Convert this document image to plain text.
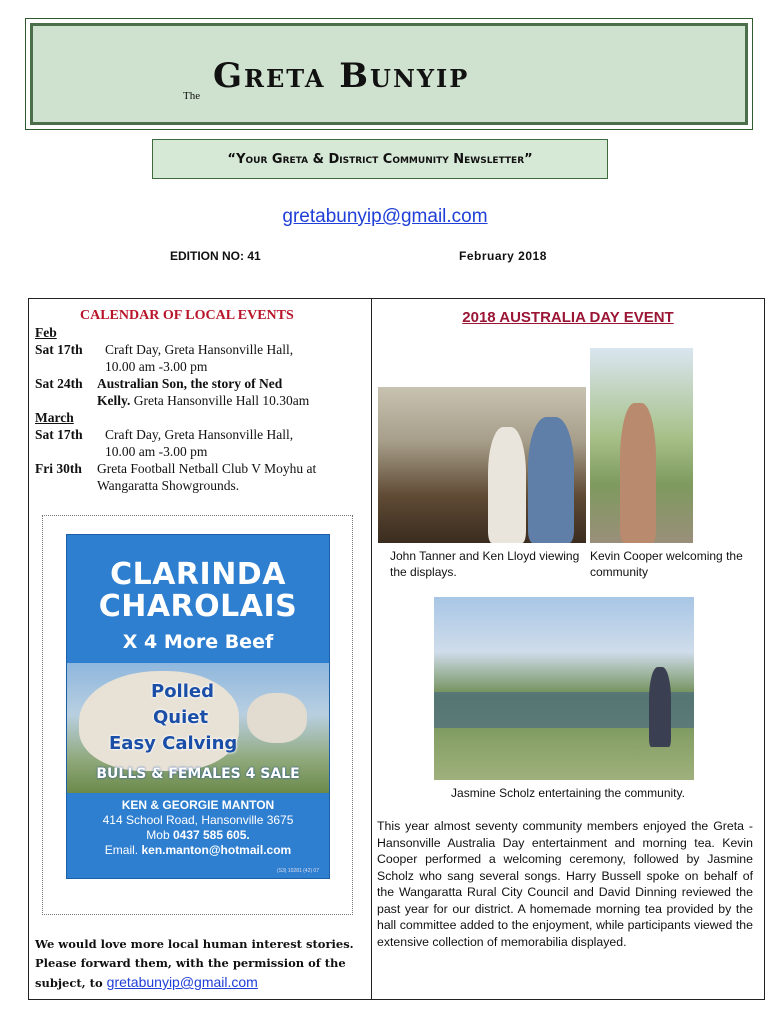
The Greta Bunyip
“Your Greta & District Community Newsletter”
gretabunyip@gmail.com
EDITION NO: 41	February 2018
CALENDAR OF LOCAL EVENTS
Feb
Sat 17th	Craft Day, Greta Hansonville Hall,
10.00 am -3.00 pm
Sat 24th	Australian Son, the story of Ned
Kelly. Greta Hansonville Hall 10.30am
March
Sat 17th	Craft Day, Greta Hansonville Hall,
10.00 am -3.00 pm
Fri 30th	Greta Football Netball Club V Moyhu at
Wangaratta Showgrounds.
CLARINDA
CHAROLAIS
X 4 More Beef
Polled
Quiet
Easy Calving
BULLS & FEMALES 4 SALE
KEN & GEORGIE MANTON
414 School Road, Hansonville 3675
Mob 0437 585 605.
Email. ken.manton@hotmail.com
(S3) 10281 (42) 07
We would love more local human interest stories. Please forward them, with the permission of the subject, to gretabunyip@gmail.com
2018 AUSTRALIA DAY EVENT
John Tanner and Ken Lloyd viewing the displays.
Kevin Cooper welcoming the community
Jasmine Scholz entertaining the community.
This year almost seventy community members enjoyed the Greta - Hansonville Australia Day entertainment and morning tea. Kevin Cooper performed a welcoming ceremony, followed by Jasmine Scholz who sang several songs. Harry Bussell spoke on behalf of the Wangaratta Rural City Council and David Dinning reviewed the past year for our district. A homemade morning tea provided by the hall committee added to the enjoyment, while participants viewed the extensive collection of memorabilia displayed.
